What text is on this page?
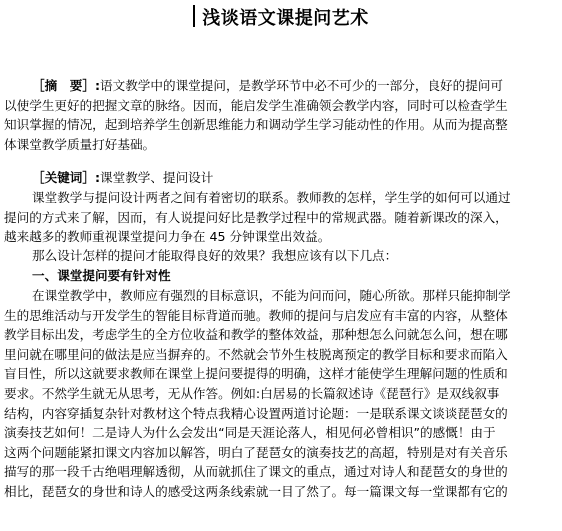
浅谈语文课提问艺术
［摘　要］:语文教学中的课堂提问，是教学环节中必不可少的一部分，良好的提问可
以使学生更好的把握文章的脉络。因而，能启发学生准确领会教学内容，同时可以检查学生
知识掌握的情况，起到培养学生创新思维能力和调动学生学习能动性的作用。从而为提高整
体课堂教学质量打好基础。
［关键词］:课堂教学、提问设计
课堂教学与提问设计两者之间有着密切的联系。教师教的怎样，学生学的如何可以通过
提问的方式来了解，因而，有人说提问好比是教学过程中的常规武器。随着新课改的深入，
越来越多的教师重视课堂提问力争在 45 分钟课堂出效益。
那么设计怎样的提问才能取得良好的效果？我想应该有以下几点：
一、课堂提问要有针对性
在课堂教学中，教师应有强烈的目标意识，不能为问而问，随心所欲。那样只能抑制学
生的思维活动与开发学生的智能目标背道而驰。教师的提问与启发应有丰富的内容，从整体
教学目标出发，考虑学生的全方位收益和教学的整体效益，那种想怎么问就怎么问，想在哪
里问就在哪里问的做法是应当摒弃的。不然就会节外生枝脱离预定的教学目标和要求而陷入
盲目性，所以这就要求教师在课堂上提问要提得的明确，这样才能使学生理解问题的性质和
要求。不然学生就无从思考，无从作答。例如:白居易的长篇叙述诗《琵琶行》是双线叙事
结构，内容穿插复杂针对教材这个特点我精心设置两道讨论题：一是联系课文谈谈琵琶女的
演奏技艺如何！二是诗人为什么会发出“同是天涯论落人，相见何必曾相识”的感慨！由于
这两个问题能紧扣课文内容加以解答，明白了琵琶女的演奏技艺的高超，特别是对有关音乐
描写的那一段千古绝唱理解透彻，从而就抓住了课文的重点，通过对诗人和琵琶女的身世的
相比，琵琶女的身世和诗人的感受这两条线索就一目了然了。每一篇课文每一堂课都有它的
